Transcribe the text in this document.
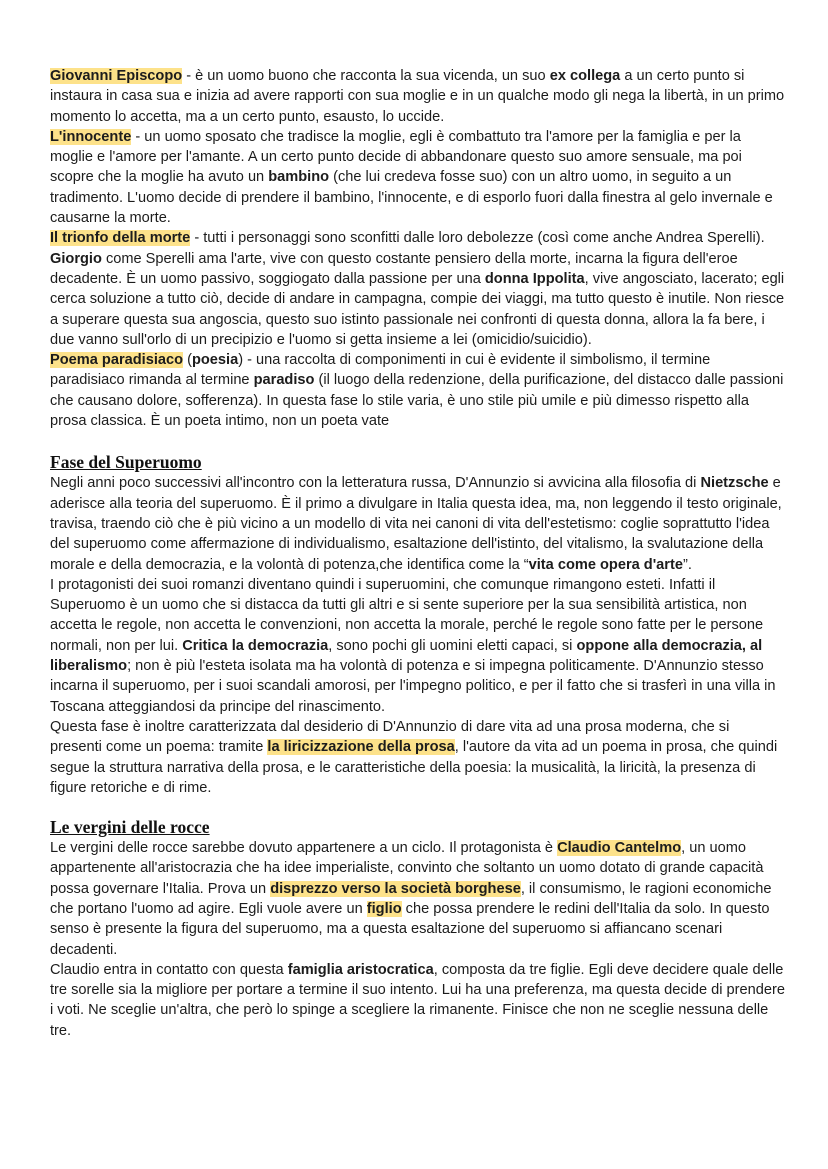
Giovanni Episcopo - è un uomo buono che racconta la sua vicenda, un suo ex collega a un certo punto si instaura in casa sua e inizia ad avere rapporti con sua moglie e in un qualche modo gli nega la libertà, in un primo momento lo accetta, ma a un certo punto, esausto, lo uccide.

L'innocente - un uomo sposato che tradisce la moglie, egli è combattuto tra l'amore per la famiglia e per la moglie e l'amore per l'amante. A un certo punto decide di abbandonare questo suo amore sensuale, ma poi scopre che la moglie ha avuto un bambino (che lui credeva fosse suo) con un altro uomo, in seguito a un tradimento. L'uomo decide di prendere il bambino, l'innocente, e di esporlo fuori dalla finestra al gelo invernale e causarne la morte.

Il trionfo della morte - tutti i personaggi sono sconfitti dalle loro debolezze (così come anche Andrea Sperelli). Giorgio come Sperelli ama l'arte, vive con questo costante pensiero della morte, incarna la figura dell'eroe decadente. È un uomo passivo, soggiogato dalla passione per una donna Ippolita, vive angosciato, lacerato; egli cerca soluzione a tutto ciò, decide di andare in campagna, compie dei viaggi, ma tutto questo è inutile. Non riesce a superare questa sua angoscia, questo suo istinto passionale nei confronti di questa donna, allora la fa bere, i due vanno sull'orlo di un precipizio e l'uomo si getta insieme a lei (omicidio/suicidio).

Poema paradisiaco (poesia) - una raccolta di componimenti in cui è evidente il simbolismo, il termine paradisiaco rimanda al termine paradiso (il luogo della redenzione, della purificazione, del distacco dalle passioni che causano dolore, sofferenza). In questa fase lo stile varia, è uno stile più umile e più dimesso rispetto alla prosa classica. È un poeta intimo, non un poeta vate

Fase del Superuomo

Negli anni poco successivi all'incontro con la letteratura russa, D'Annunzio si avvicina alla filosofia di Nietzsche e aderisce alla teoria del superuomo. È il primo a divulgare in Italia questa idea, ma, non leggendo il testo originale, travisa, traendo ciò che è più vicino a un modello di vita nei canoni di vita dell'estetismo: coglie soprattutto l'idea del superuomo come affermazione di individualismo, esaltazione dell'istinto, del vitalismo, la svalutazione della morale e della democrazia, e la volontà di potenza,che identifica come la “vita come opera d'arte”.

I protagonisti dei suoi romanzi diventano quindi i superuomini, che comunque rimangono esteti. Infatti il Superuomo è un uomo che si distacca da tutti gli altri e si sente superiore per la sua sensibilità artistica, non accetta le regole, non accetta le convenzioni, non accetta la morale, perché le regole sono fatte per le persone normali, non per lui. Critica la democrazia, sono pochi gli uomini eletti capaci, si oppone alla democrazia, al liberalismo; non è più l'esteta isolata ma ha volontà di potenza e si impegna politicamente. D'Annunzio stesso incarna il superuomo, per i suoi scandali amorosi, per l'impegno politico, e per il fatto che si trasferì in una villa in Toscana atteggiandosi da principe del rinascimento.

Questa fase è inoltre caratterizzata dal desiderio di D'Annunzio di dare vita ad una prosa moderna, che si presenti come un poema: tramite la liricizzazione della prosa, l'autore da vita ad un poema in prosa, che quindi segue la struttura narrativa della prosa, e le caratteristiche della poesia: la musicalità, la liricità, la presenza di figure retoriche e di rime.

Le vergini delle rocce

Le vergini delle rocce sarebbe dovuto appartenere a un ciclo. Il protagonista è Claudio Cantelmo, un uomo appartenente all'aristocrazia che ha idee imperialiste, convinto che soltanto un uomo dotato di grande capacità possa governare l'Italia. Prova un disprezzo verso la società borghese, il consumismo, le ragioni economiche che portano l'uomo ad agire. Egli vuole avere un figlio che possa prendere le redini dell'Italia da solo. In questo senso è presente la figura del superuomo, ma a questa esaltazione del superuomo si affiancano scenari decadenti.

Claudio entra in contatto con questa famiglia aristocratica, composta da tre figlie. Egli deve decidere quale delle tre sorelle sia la migliore per portare a termine il suo intento. Lui ha una preferenza, ma questa decide di prendere i voti. Ne sceglie un'altra, che però lo spinge a scegliere la rimanente. Finisce che non ne sceglie nessuna delle tre.
